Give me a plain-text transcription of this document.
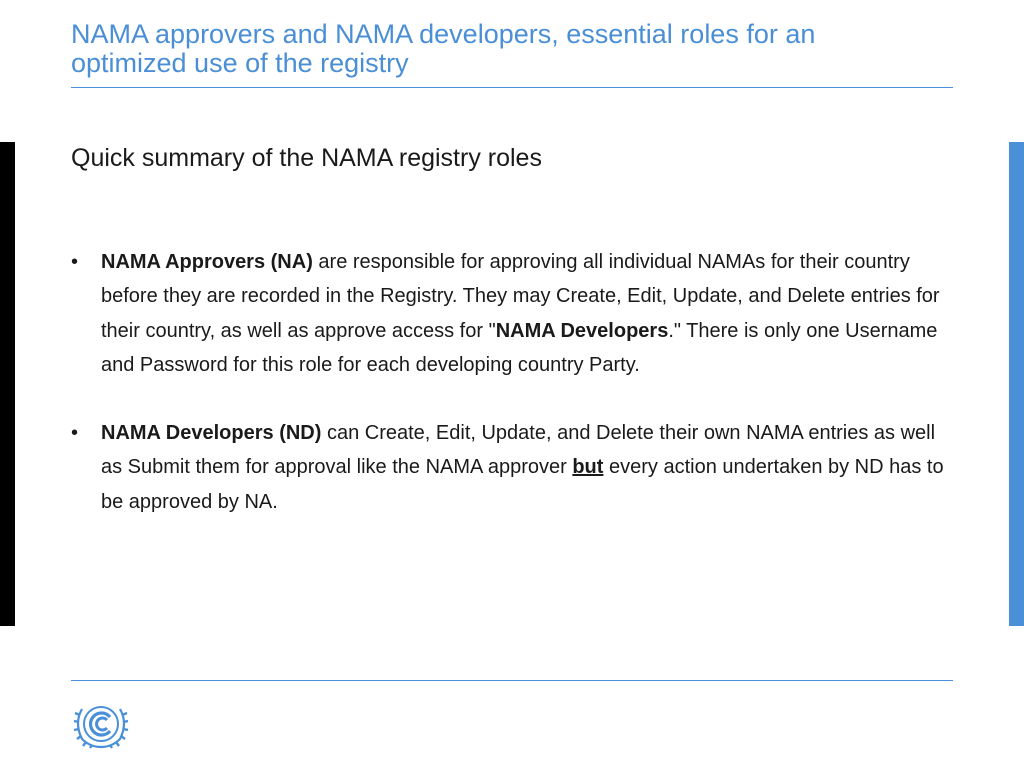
NAMA approvers and NAMA developers, essential roles for an
optimized use of the registry
Quick summary of the NAMA registry roles
• NAMA Approvers (NA) are responsible for approving all individual NAMAs for their country before they are recorded in the Registry. They may Create, Edit, Update, and Delete entries for their country, as well as approve access for "NAMA Developers." There is only one Username and Password for this role for each developing country Party.
• NAMA Developers (ND) can Create, Edit, Update, and Delete their own NAMA entries as well as Submit them for approval like the NAMA approver but every action undertaken by ND has to be approved by NA.
